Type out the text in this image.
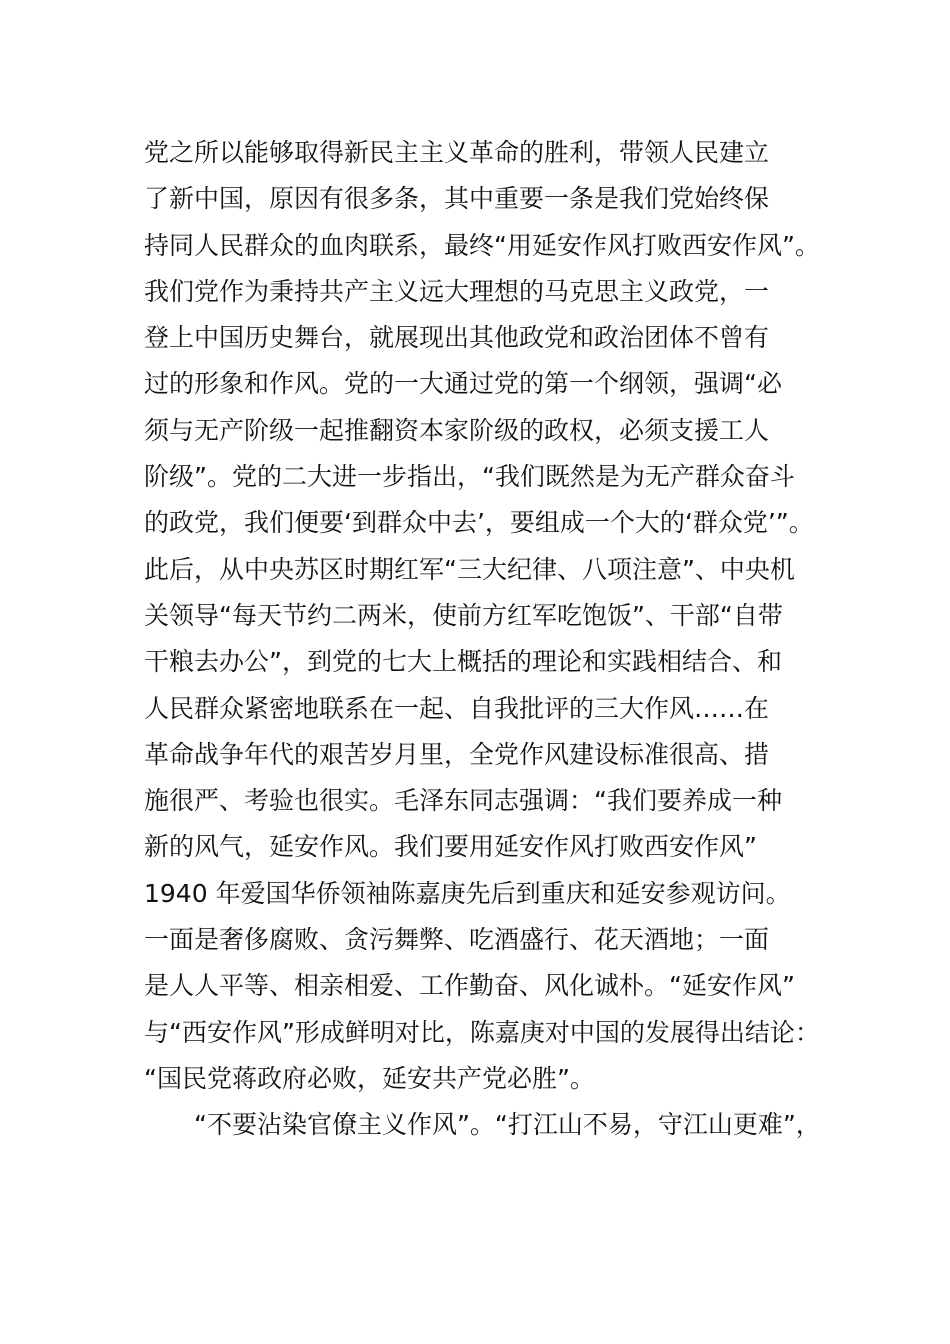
党之所以能够取得新民主主义革命的胜利，带领人民建立
了新中国，原因有很多条，其中重要一条是我们党始终保
持同人民群众的血肉联系，最终“用延安作风打败西安作风”。
我们党作为秉持共产主义远大理想的马克思主义政党，一
登上中国历史舞台，就展现出其他政党和政治团体不曾有
过的形象和作风。党的一大通过党的第一个纲领，强调“必
须与无产阶级一起推翻资本家阶级的政权，必须支援工人
阶级”。党的二大进一步指出，“我们既然是为无产群众奋斗
的政党，我们便要‘到群众中去’，要组成一个大的‘群众党’”。
此后，从中央苏区时期红军“三大纪律、八项注意”、中央机
关领导“每天节约二两米，使前方红军吃饱饭”、干部“自带
干粮去办公”，到党的七大上概括的理论和实践相结合、和
人民群众紧密地联系在一起、自我批评的三大作风……在
革命战争年代的艰苦岁月里，全党作风建设标准很高、措
施很严、考验也很实。毛泽东同志强调：“我们要养成一种
新的风气，延安作风。我们要用延安作风打败西安作风”
1940 年爱国华侨领袖陈嘉庚先后到重庆和延安参观访问。
一面是奢侈腐败、贪污舞弊、吃酒盛行、花天酒地；一面
是人人平等、相亲相爱、工作勤奋、风化诚朴。“延安作风”
与“西安作风”形成鲜明对比，陈嘉庚对中国的发展得出结论：
“国民党蒋政府必败，延安共产党必胜”。
“不要沾染官僚主义作风”。“打江山不易，守江山更难”，
